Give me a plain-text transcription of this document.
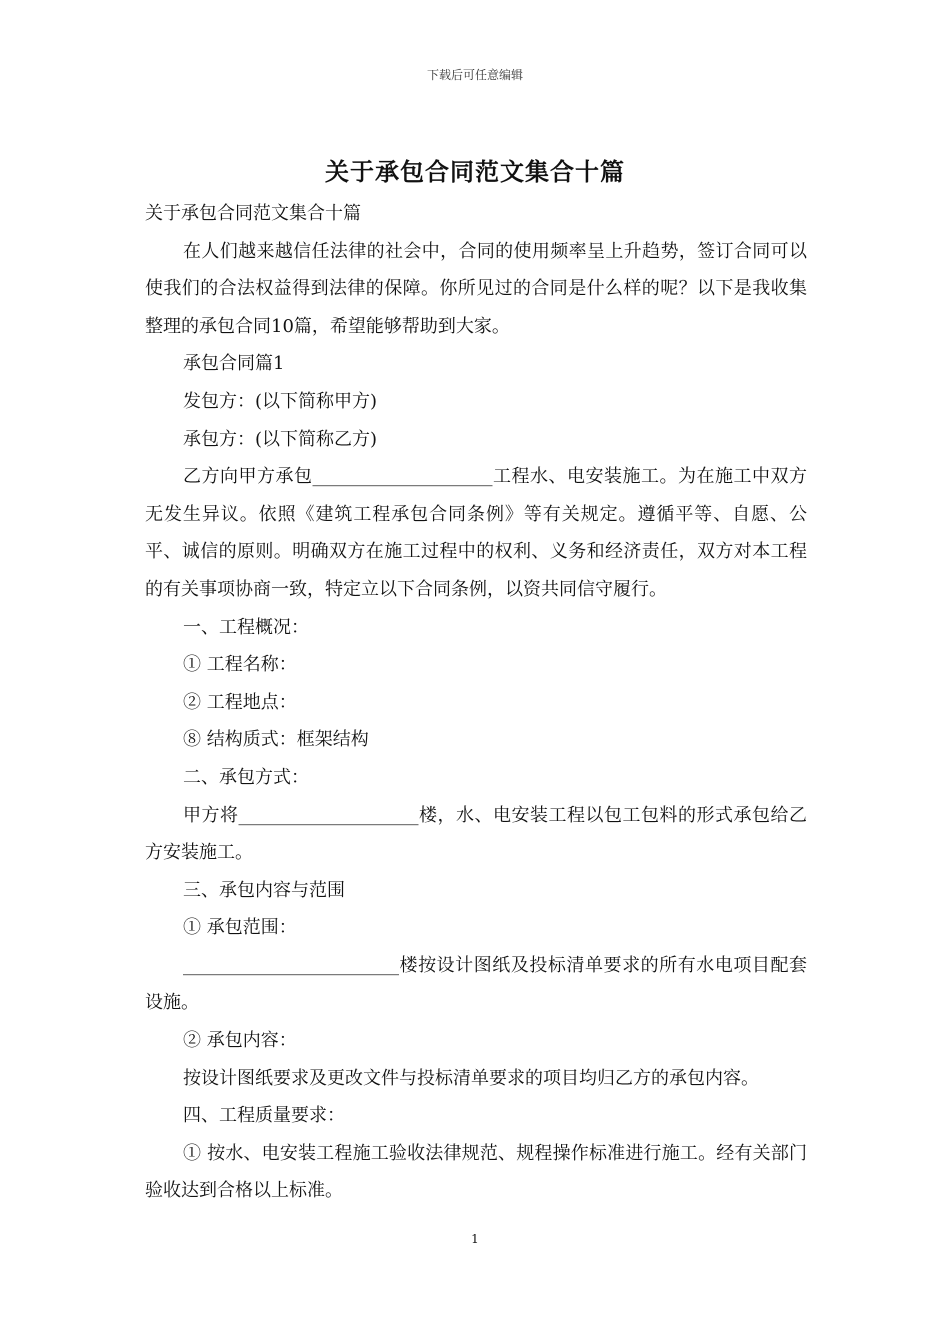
下载后可任意编辑
关于承包合同范文集合十篇

关于承包合同范文集合十篇

在人们越来越信任法律的社会中，合同的使用频率呈上升趋势，签订合同可以使我们的合法权益得到法律的保障。你所见过的合同是什么样的呢？以下是我收集整理的承包合同10篇，希望能够帮助到大家。

承包合同篇1

发包方：(以下简称甲方)

承包方：(以下简称乙方)

乙方向甲方承包____________________工程水、电安装施工。为在施工中双方无发生异议。依照《建筑工程承包合同条例》等有关规定。遵循平等、自愿、公平、诚信的原则。明确双方在施工过程中的权利、义务和经济责任，双方对本工程的有关事项协商一致，特定立以下合同条例，以资共同信守履行。

一、工程概况：

① 工程名称：

② 工程地点：

⑧ 结构质式：框架结构

二、承包方式：

甲方将____________________楼，水、电安装工程以包工包料的形式承包给乙方安装施工。

三、承包内容与范围

① 承包范围：

________________________楼按设计图纸及投标清单要求的所有水电项目配套设施。

② 承包内容：

按设计图纸要求及更改文件与投标清单要求的项目均归乙方的承包内容。

四、工程质量要求：

① 按水、电安装工程施工验收法律规范、规程操作标准进行施工。经有关部门验收达到合格以上标准。

1
